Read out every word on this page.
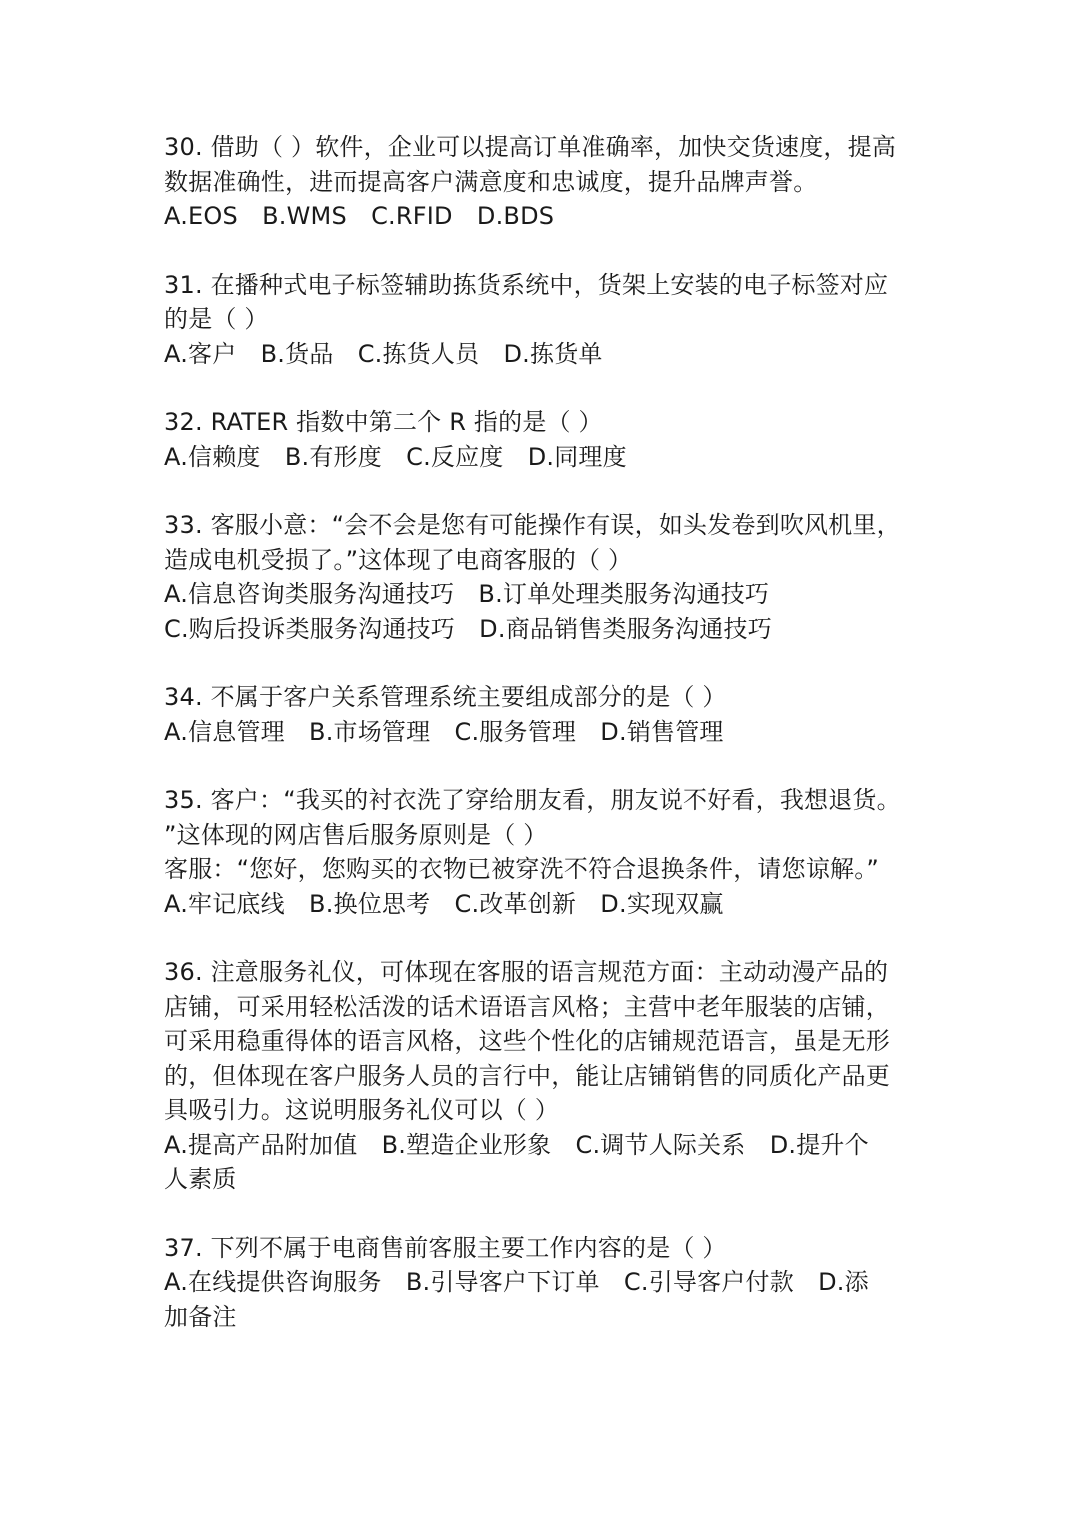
30. 借助（ ）软件，企业可以提高订单准确率，加快交货速度，提高
数据准确性，进而提高客户满意度和忠诚度，提升品牌声誉。
A.EOS　B.WMS　C.RFID　D.BDS
31. 在播种式电子标签辅助拣货系统中，货架上安装的电子标签对应
的是（ ）
A.客户　B.货品　C.拣货人员　D.拣货单
32. RATER 指数中第二个 R 指的是（ ）
A.信赖度　B.有形度　C.反应度　D.同理度
33. 客服小意：“会不会是您有可能操作有误，如头发卷到吹风机里，
造成电机受损了。”这体现了电商客服的（ ）
A.信息咨询类服务沟通技巧　B.订单处理类服务沟通技巧
C.购后投诉类服务沟通技巧　D.商品销售类服务沟通技巧
34. 不属于客户关系管理系统主要组成部分的是（ ）
A.信息管理　B.市场管理　C.服务管理　D.销售管理
35. 客户：“我买的衬衣洗了穿给朋友看，朋友说不好看，我想退货。
”这体现的网店售后服务原则是（ ）
客服：“您好，您购买的衣物已被穿洗不符合退换条件，请您谅解。”
A.牢记底线　B.换位思考　C.改革创新　D.实现双赢
36. 注意服务礼仪，可体现在客服的语言规范方面：主动动漫产品的
店铺，可采用轻松活泼的话术语语言风格；主营中老年服装的店铺，
可采用稳重得体的语言风格，这些个性化的店铺规范语言，虽是无形
的，但体现在客户服务人员的言行中，能让店铺销售的同质化产品更
具吸引力。这说明服务礼仪可以（ ）
A.提高产品附加值　B.塑造企业形象　C.调节人际关系　D.提升个
人素质
37. 下列不属于电商售前客服主要工作内容的是（ ）
A.在线提供咨询服务　B.引导客户下订单　C.引导客户付款　D.添
加备注
